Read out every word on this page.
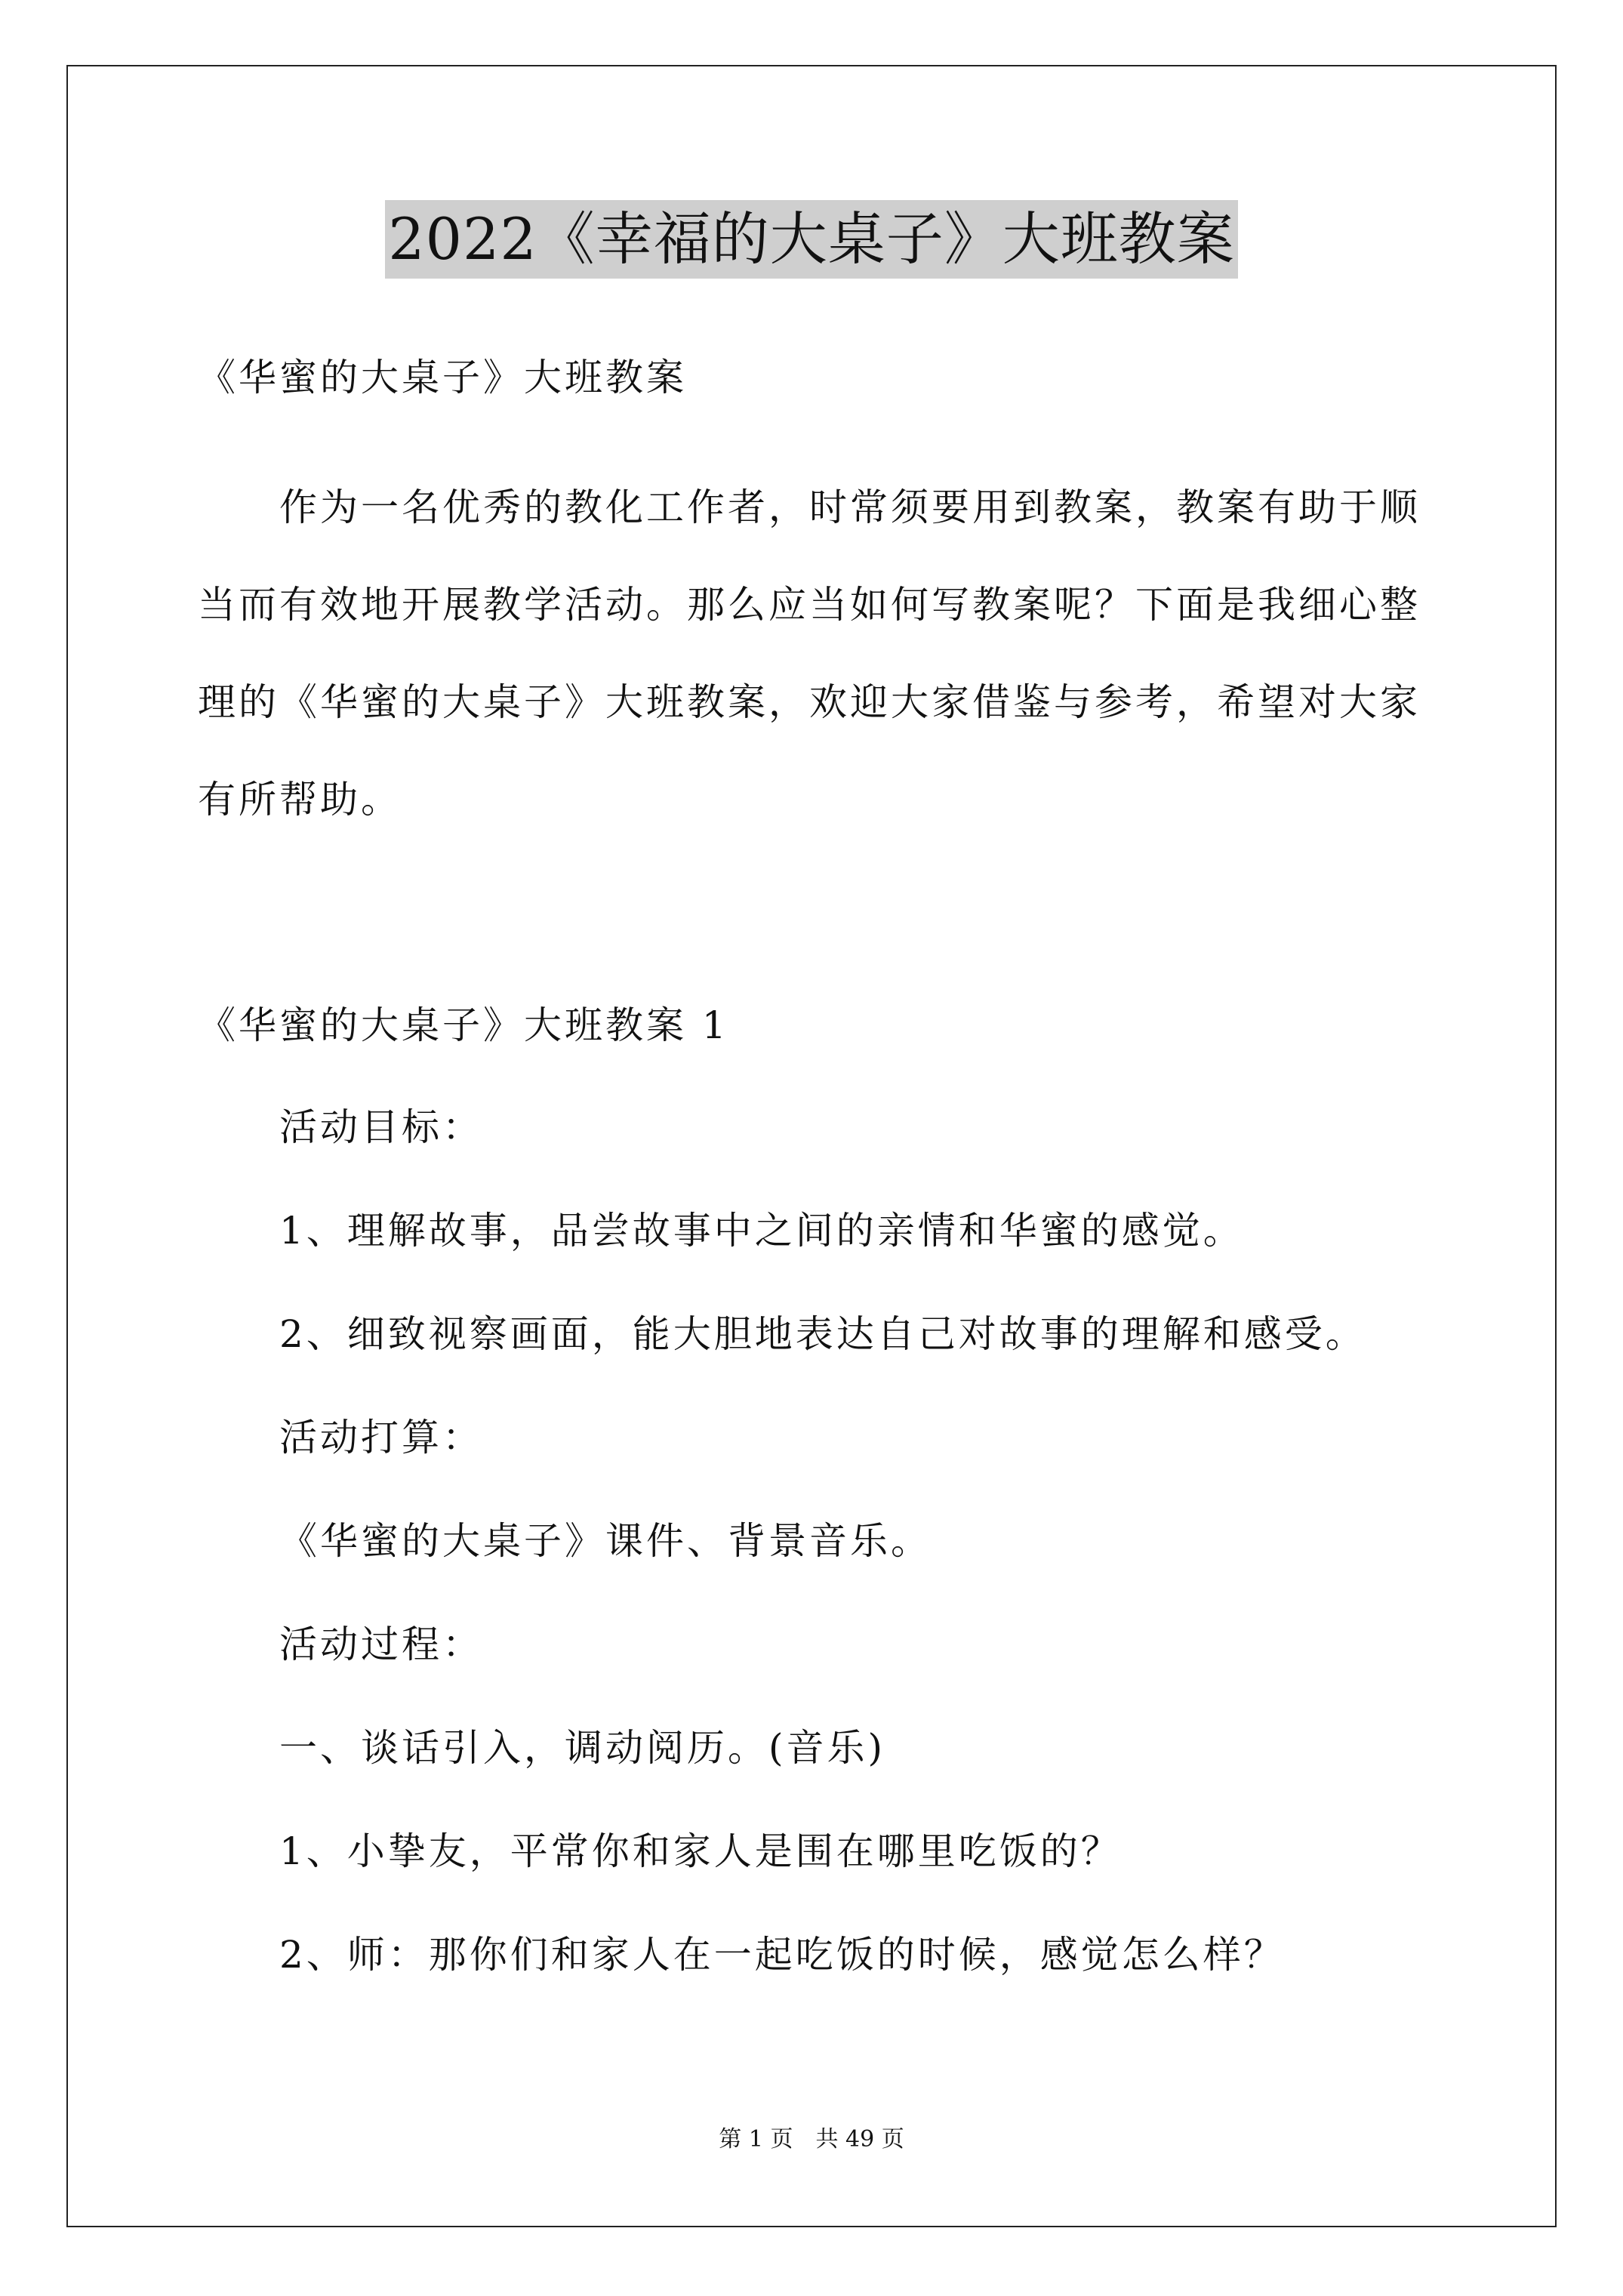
2022《幸福的大桌子》大班教案
《华蜜的大桌子》大班教案
作为一名优秀的教化工作者，时常须要用到教案，教案有助于顺
当而有效地开展教学活动。那么应当如何写教案呢？下面是我细心整
理的《华蜜的大桌子》大班教案，欢迎大家借鉴与参考，希望对大家
有所帮助。
《华蜜的大桌子》大班教案 1
活动目标：
1、理解故事，品尝故事中之间的亲情和华蜜的感觉。
2、细致视察画面，能大胆地表达自己对故事的理解和感受。
活动打算：
《华蜜的大桌子》课件、背景音乐。
活动过程：
一、谈话引入，调动阅历。(音乐)
1、小挚友，平常你和家人是围在哪里吃饭的？
2、师：那你们和家人在一起吃饭的时候，感觉怎么样？
第 1 页　共 49 页
